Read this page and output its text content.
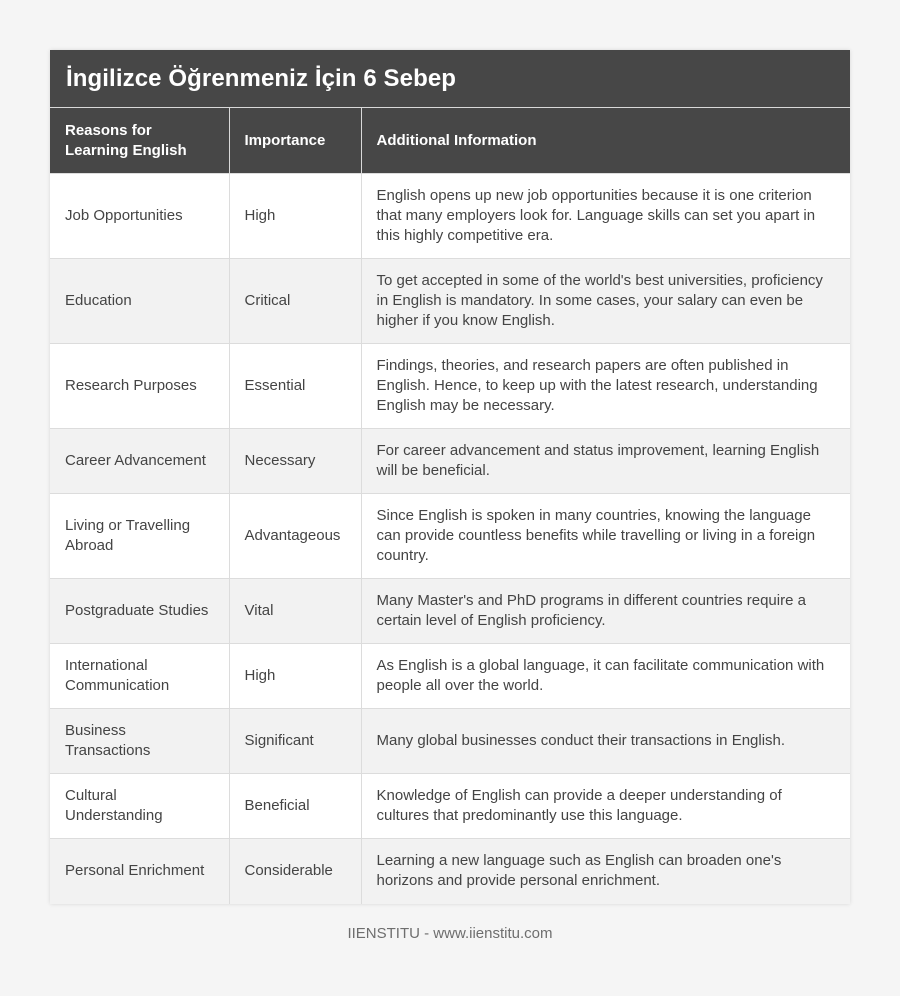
İngilizce Öğrenmeniz İçin 6 Sebep
Reasons for Learning English	Importance	Additional Information
Job Opportunities	High	English opens up new job opportunities because it is one criterion that many employers look for. Language skills can set you apart in this highly competitive era.
Education	Critical	To get accepted in some of the world's best universities, proficiency in English is mandatory. In some cases, your salary can even be higher if you know English.
Research Purposes	Essential	Findings, theories, and research papers are often published in English. Hence, to keep up with the latest research, understanding English may be necessary.
Career Advancement	Necessary	For career advancement and status improvement, learning English will be beneficial.
Living or Travelling Abroad	Advantageous	Since English is spoken in many countries, knowing the language can provide countless benefits while travelling or living in a foreign country.
Postgraduate Studies	Vital	Many Master's and PhD programs in different countries require a certain level of English proficiency.
International Communication	High	As English is a global language, it can facilitate communication with people all over the world.
Business Transactions	Significant	Many global businesses conduct their transactions in English.
Cultural Understanding	Beneficial	Knowledge of English can provide a deeper understanding of cultures that predominantly use this language.
Personal Enrichment	Considerable	Learning a new language such as English can broaden one's horizons and provide personal enrichment.
IIENSTITU - www.iienstitu.com
